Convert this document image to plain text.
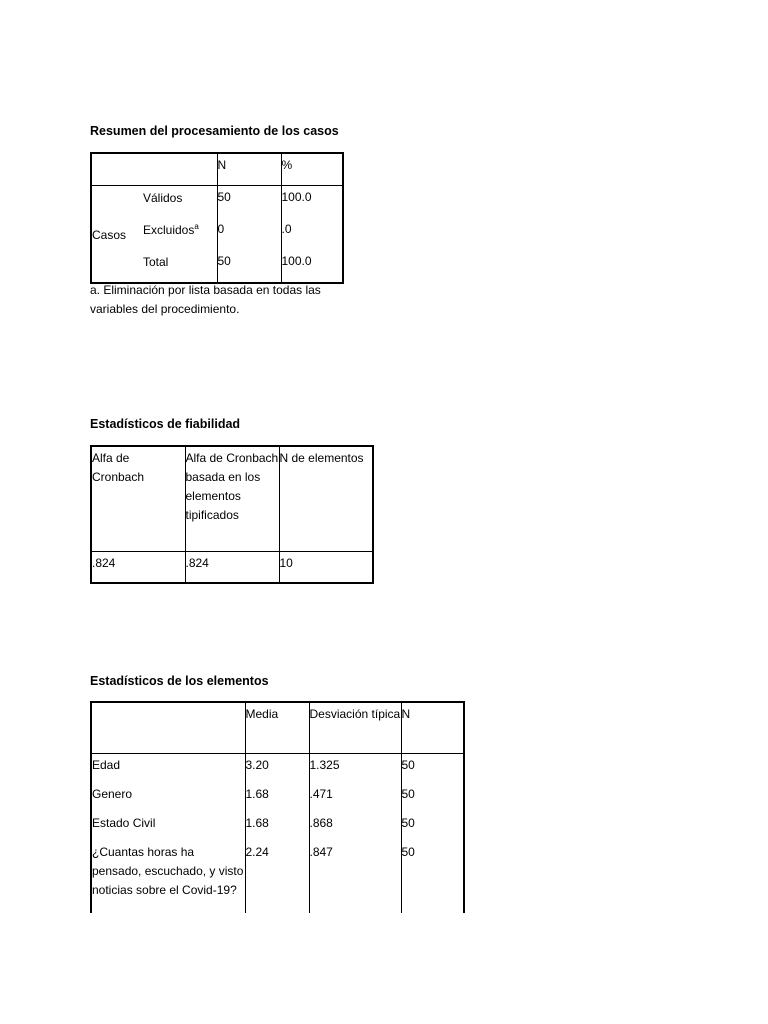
Resumen del procesamiento de los casos
		N	%
Casos	Válidos	50	100.0
	Excluidos$^a$	0	.0
	Total	50	100.0
a. Eliminación por lista basada en todas las variables del procedimiento.
Estadísticos de fiabilidad
Alfa de Cronbach	Alfa de Cronbach basada en los elementos tipificados	N de elementos
.824	.824	10
Estadísticos de los elementos
	Media	Desviación típica	N
Edad	3.20	1.325	50
Genero	1.68	.471	50
Estado Civil	1.68	.868	50
¿Cuantas horas ha pensado, escuchado, y visto noticias sobre el Covid-19?	2.24	.847	50
